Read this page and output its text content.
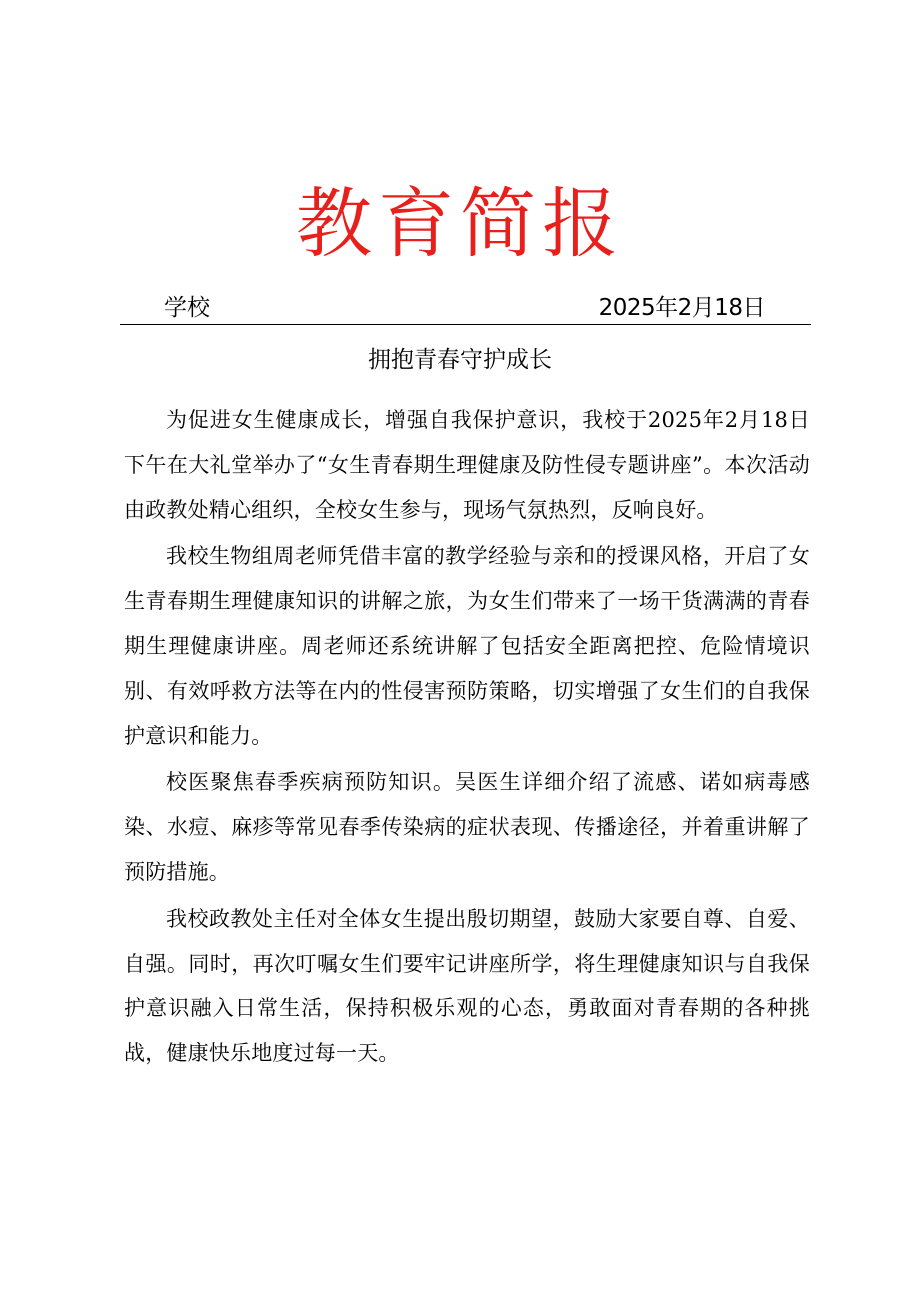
教育简报
学校	2025年2月18日
拥抱青春守护成长

为促进女生健康成长，增强自我保护意识，我校于2025年2月18日下午在大礼堂举办了“女生青春期生理健康及防性侵专题讲座”。本次活动由政教处精心组织，全校女生参与，现场气氛热烈，反响良好。

我校生物组周老师凭借丰富的教学经验与亲和的授课风格，开启了女生青春期生理健康知识的讲解之旅，为女生们带来了一场干货满满的青春期生理健康讲座。周老师还系统讲解了包括安全距离把控、危险情境识别、有效呼救方法等在内的性侵害预防策略，切实增强了女生们的自我保护意识和能力。

校医聚焦春季疾病预防知识。吴医生详细介绍了流感、诺如病毒感染、水痘、麻疹等常见春季传染病的症状表现、传播途径，并着重讲解了预防措施。

我校政教处主任对全体女生提出殷切期望，鼓励大家要自尊、自爱、自强。同时，再次叮嘱女生们要牢记讲座所学，将生理健康知识与自我保护意识融入日常生活，保持积极乐观的心态，勇敢面对青春期的各种挑战，健康快乐地度过每一天。
